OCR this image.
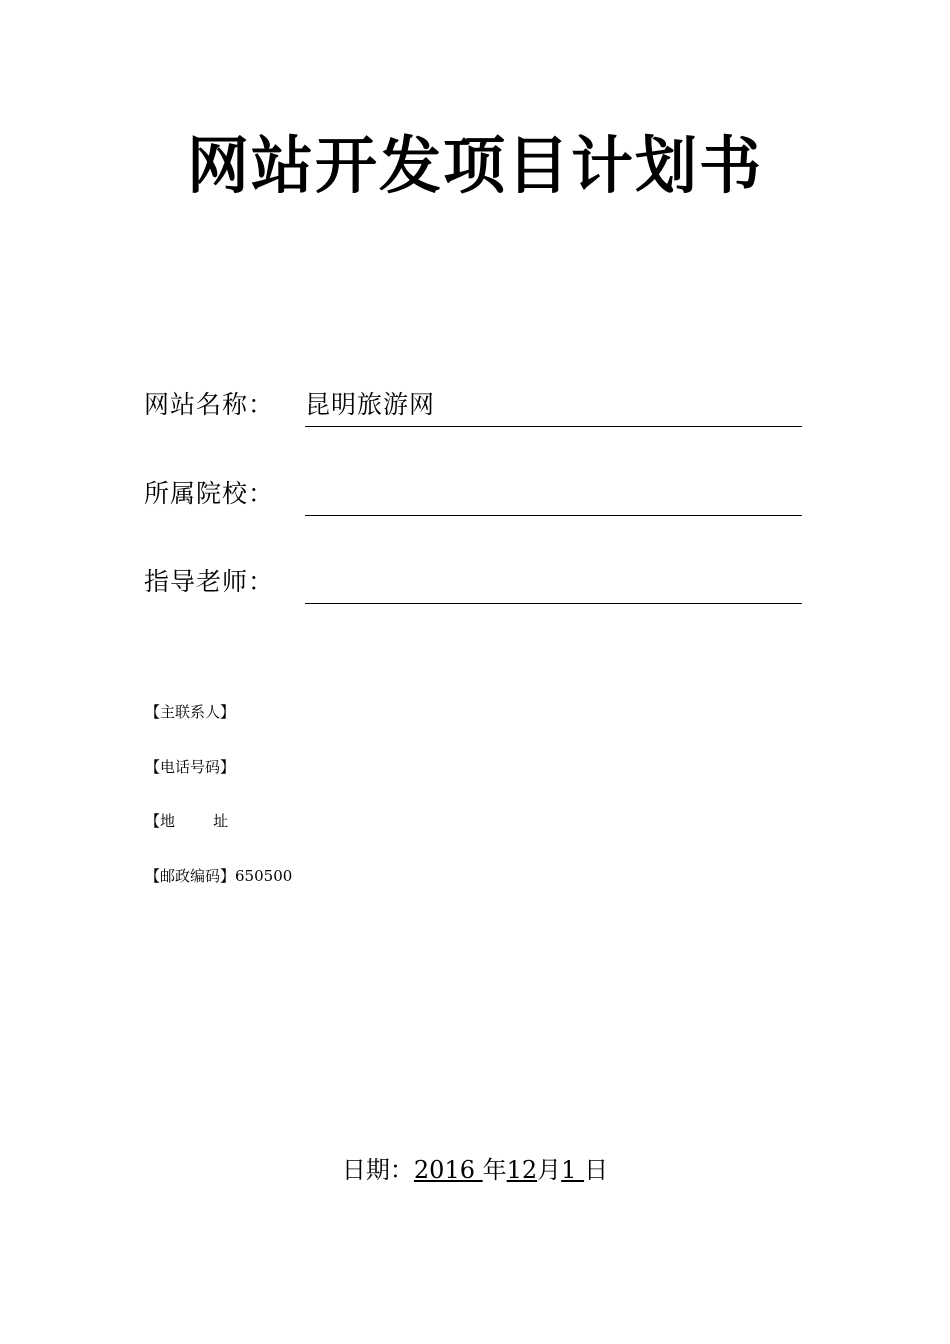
网站开发项目计划书
网站名称： 昆明旅游网
所属院校：
指导老师：
【主联系人】
【电话号码】
【地        址
【邮政编码】650500
日期：2016 年12月1 日
